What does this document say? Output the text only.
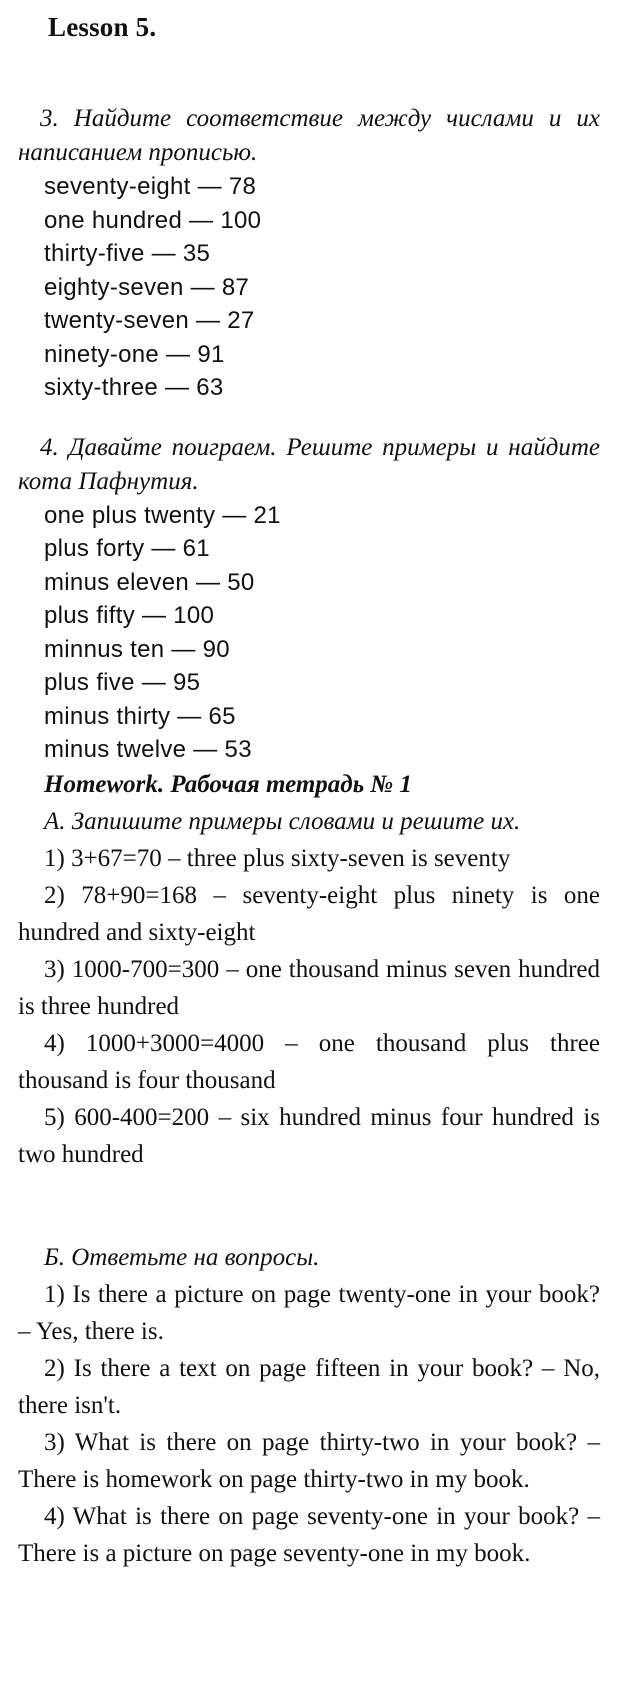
Lesson 5.

3. Найдите соответствие между числами и их написанием прописью.

seventy-eight — 78
one hundred — 100
thirty-five — 35
eighty-seven — 87
twenty-seven — 27
ninety-one — 91
sixty-three — 63

4. Давайте поиграем. Решите примеры и найдите кота Пафнутия.

one plus twenty — 21
plus forty — 61
minus eleven — 50
plus fifty — 100
minnus ten — 90
plus five — 95
minus thirty — 65
minus twelve — 53

Homework. Рабочая тетрадь № 1

А. Запишите примеры словами и решите их.

1) 3+67=70 – three plus sixty-seven is seventy

2) 78+90=168 – seventy-eight plus ninety is one hundred and sixty-eight

3) 1000-700=300 – one thousand minus seven hundred is three hundred

4) 1000+3000=4000 – one thousand plus three thousand is four thousand

5) 600-400=200 – six hundred minus four hundred is two hundred

Б. Ответьте на вопросы.

1) Is there a picture on page twenty-one in your book? – Yes, there is.

2) Is there a text on page fifteen in your book? – No, there isn't.

3) What is there on page thirty-two in your book? – There is homework on page thirty-two in my book.

4) What is there on page seventy-one in your book? – There is a picture on page seventy-one in my book.
